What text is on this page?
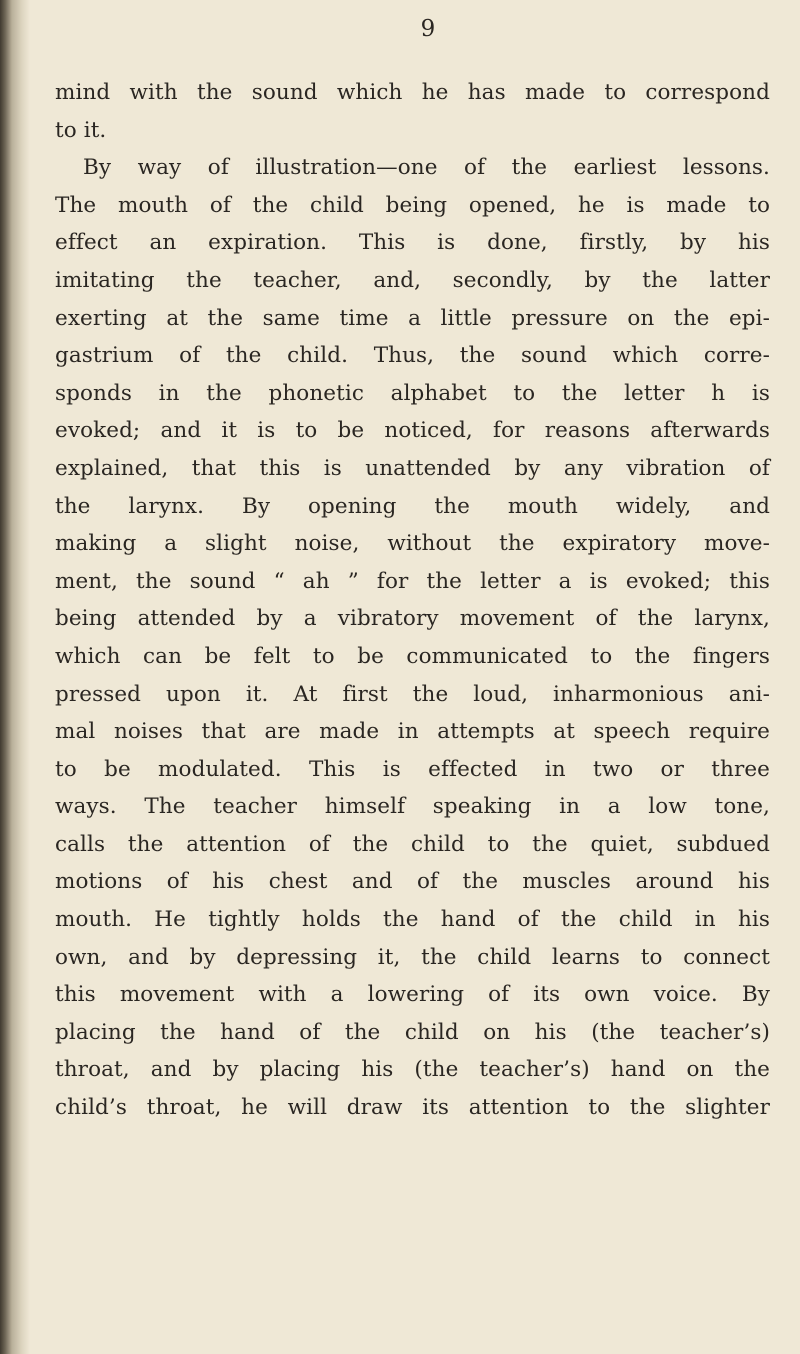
9
mind with the sound which he has made to correspond
to it.
By way of illustration—one of the earliest lessons.
The mouth of the child being opened, he is made to
effect an expiration. This is done, firstly, by his
imitating the teacher, and, secondly, by the latter
exerting at the same time a little pressure on the epi-
gastrium of the child. Thus, the sound which corre-
sponds in the phonetic alphabet to the letter h is
evoked; and it is to be noticed, for reasons afterwards
explained, that this is unattended by any vibration of
the larynx. By opening the mouth widely, and
making a slight noise, without the expiratory move-
ment, the sound “ ah ” for the letter a is evoked; this
being attended by a vibratory movement of the larynx,
which can be felt to be communicated to the fingers
pressed upon it. At first the loud, inharmonious ani-
mal noises that are made in attempts at speech require
to be modulated. This is effected in two or three
ways. The teacher himself speaking in a low tone,
calls the attention of the child to the quiet, subdued
motions of his chest and of the muscles around his
mouth. He tightly holds the hand of the child in his
own, and by depressing it, the child learns to connect
this movement with a lowering of its own voice. By
placing the hand of the child on his (the teacher’s)
throat, and by placing his (the teacher’s) hand on the
child’s throat, he will draw its attention to the slighter
